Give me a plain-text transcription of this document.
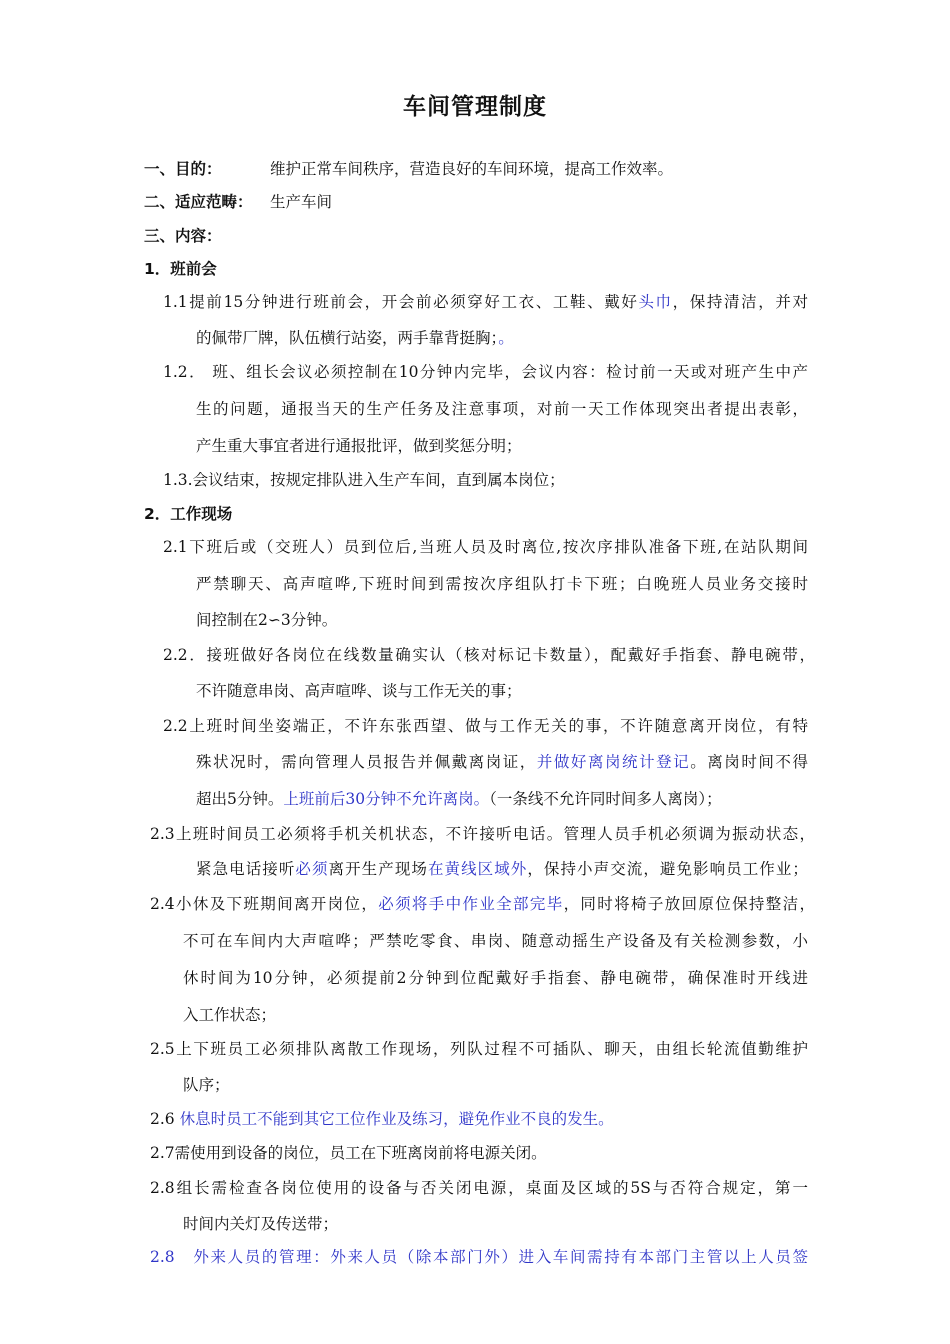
车间管理制度
一、目的：	维护正常车间秩序，营造良好的车间环境，提高工作效率。
二、适应范畴： 生产车间
三、内容：
1．班前会
1.1提前15分钟进行班前会，开会前必须穿好工衣、工鞋、戴好头巾，保持清洁，并对
的佩带厂牌，队伍横行站姿，两手靠背挺胸；。
1.2． 班、组长会议必须控制在10分钟内完毕，会议内容：检讨前一天或对班产生中产
生的问题，通报当天的生产任务及注意事项，对前一天工作体现突出者提出表彰，
产生重大事宜者进行通报批评，做到奖惩分明；
1.3.会议结束，按规定排队进入生产车间，直到属本岗位；
2．工作现场
2.1下班后或（交班人）员到位后,当班人员及时离位,按次序排队准备下班,在站队期间
严禁聊天、高声喧哗,下班时间到需按次序组队打卡下班；白晚班人员业务交接时
间控制在2∽3分钟。
2.2．接班做好各岗位在线数量确实认（核对标记卡数量），配戴好手指套、静电碗带，
不许随意串岗、高声喧哗、谈与工作无关的事；
2.2上班时间坐姿端正，不许东张西望、做与工作无关的事，不许随意离开岗位，有特
殊状况时，需向管理人员报告并佩戴离岗证，并做好离岗统计登记。离岗时间不得
超出5分钟。上班前后30分钟不允许离岗。（一条线不允许同时间多人离岗）；
2.3上班时间员工必须将手机关机状态，不许接听电话。管理人员手机必须调为振动状态，
紧急电话接听必须离开生产现场在黄线区域外，保持小声交流，避免影响员工作业；
2.4小休及下班期间离开岗位，必须将手中作业全部完毕，同时将椅子放回原位保持整洁，
不可在车间内大声喧哗；严禁吃零食、串岗、随意动摇生产设备及有关检测参数，小
休时间为10分钟，必须提前2分钟到位配戴好手指套、静电碗带，确保准时开线进
入工作状态；
2.5上下班员工必须排队离散工作现场，列队过程不可插队、聊天，由组长轮流值勤维护
队序；
2.6 休息时员工不能到其它工位作业及练习，避免作业不良的发生。
2.7需使用到设备的岗位，员工在下班离岗前将电源关闭。
2.8组长需检查各岗位使用的设备与否关闭电源，桌面及区域的5S与否符合规定，第一
时间内关灯及传送带；
2.8　外来人员的管理：外来人员（除本部门外）进入车间需持有本部门主管以上人员签
